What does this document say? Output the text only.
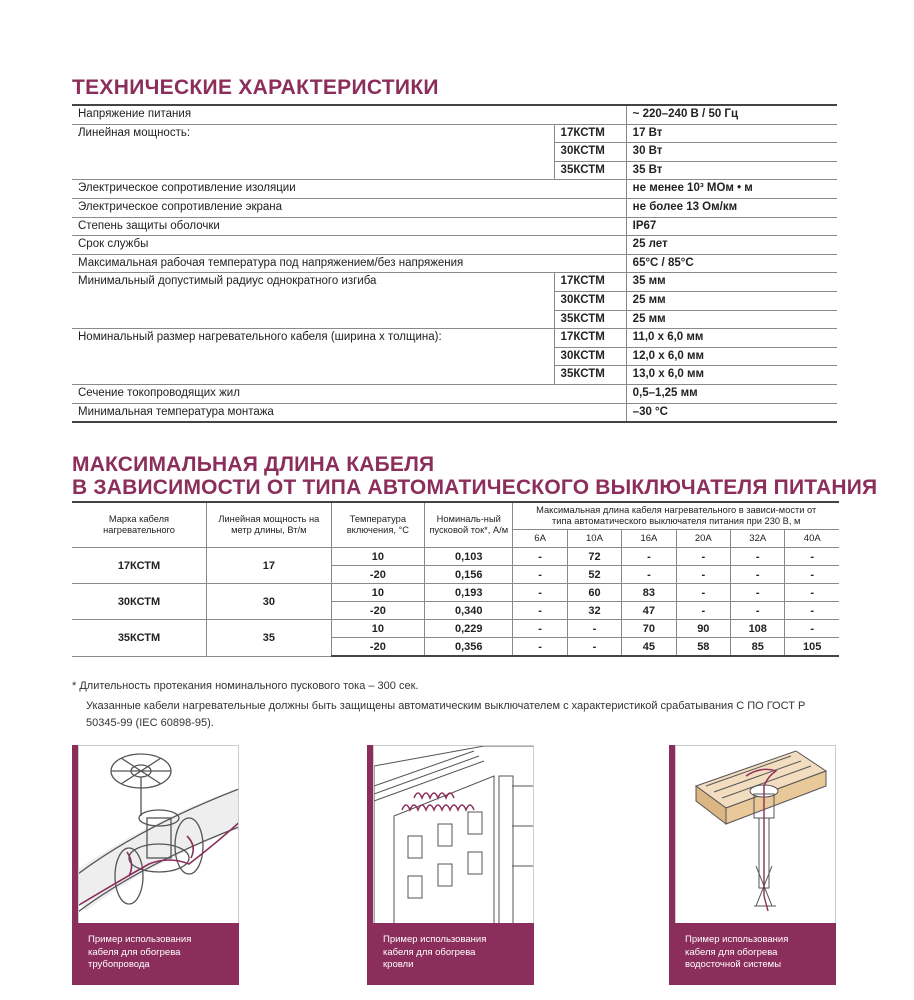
ТЕХНИЧЕСКИЕ ХАРАКТЕРИСТИКИ
Напряжение питания		~ 220–240 В / 50 Гц
Линейная мощность:	17КСТМ	17 Вт
	30КСТМ	30 Вт
	35КСТМ	35 Вт
Электрическое сопротивление изоляции		не менее 10³ МОм • м
Электрическое сопротивление экрана		не более 13 Ом/км
Степень защиты оболочки		IP67
Срок службы		25 лет
Максимальная рабочая температура под напряжением/без напряжения		65°С / 85°С
Минимальный допустимый радиус однократного изгиба	17КСТМ	35 мм
	30КСТМ	25 мм
	35КСТМ	25 мм
Номинальный размер нагревательного кабеля (ширина х толщина):	17КСТМ	11,0 х 6,0 мм
	30КСТМ	12,0 х 6,0 мм
	35КСТМ	13,0 х 6,0 мм
Сечение токопроводящих жил		0,5–1,25 мм
Минимальная температура монтажа		–30 °С
МАКСИМАЛЬНАЯ ДЛИНА КАБЕЛЯ
В ЗАВИСИМОСТИ ОТ ТИПА АВТОМАТИЧЕСКОГО ВЫКЛЮЧАТЕЛЯ ПИТАНИЯ
Марка кабеля нагревательного	Линейная мощность на метр длины, Вт/м	Температура включения, °С	Номиналь-ный пусковой ток*, А/м	Максимальная длина кабеля нагревательного в зависи-мости от типа автоматического выключателя питания при 230 В, м					
				6А	10А	16А	20А	32А	40А
17КСТМ	17	10	0,103	-	72	-	-	-	-
		-20	0,156	-	52	-	-	-	-
30КСТМ	30	10	0,193	-	60	83	-	-	-
		-20	0,340	-	32	47	-	-	-
35КСТМ	35	10	0,229	-	-	70	90	108	-
		-20	0,356	-	-	45	58	85	105
* Длительность протекания номинального пускового тока – 300 сек.
Указанные кабели нагревательные должны быть защищены автоматическим выключателем с характеристикой срабатывания С ПО ГОСТ Р 50345-99 (IEC 60898-95).
Пример использования
кабеля для обогрева
трубопровода
Пример использования
кабеля для обогрева
кровли
Пример использования
кабеля для обогрева
водосточной системы
